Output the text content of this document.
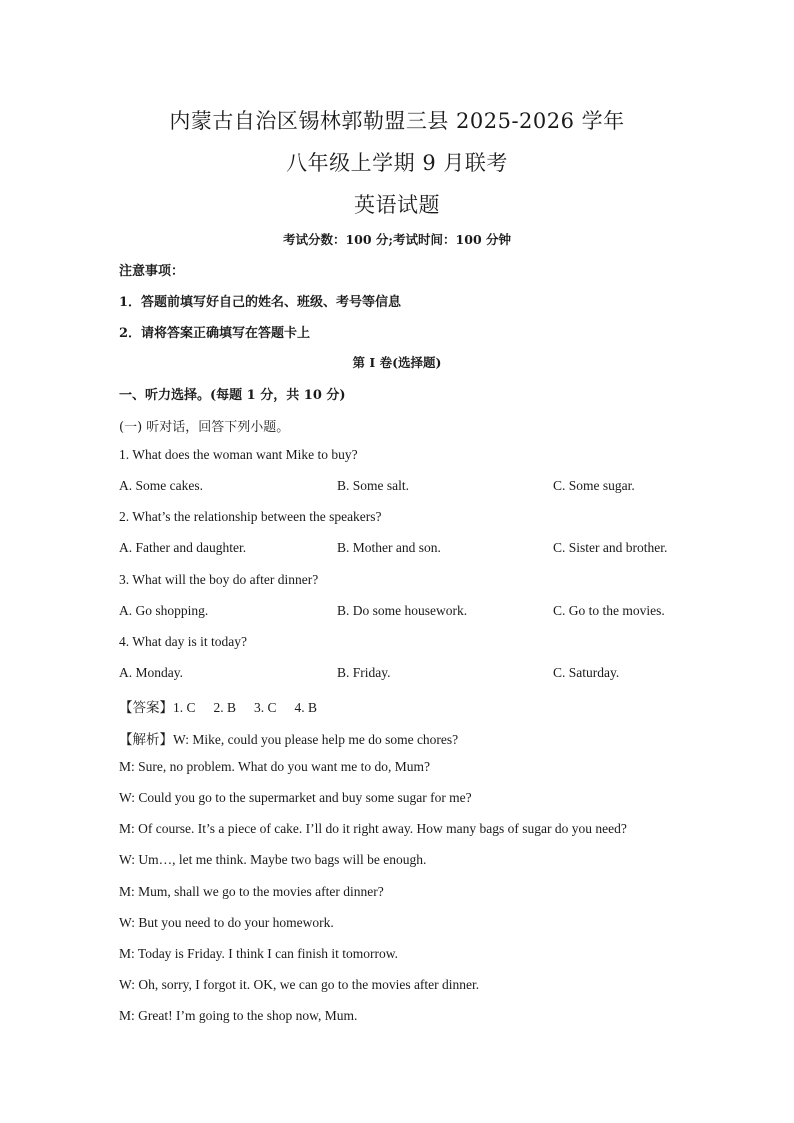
内蒙古自治区锡林郭勒盟三县 2025-2026 学年
八年级上学期 9 月联考
英语试题
考试分数：100 分;考试时间：100 分钟
注意事项：
1．答题前填写好自己的姓名、班级、考号等信息
2．请将答案正确填写在答题卡上
第 I 卷(选择题)
一、听力选择。(每题 1 分，共 10 分)
(一) 听对话，回答下列小题。
1. What does the woman want Mike to buy?
A. Some cakes.	B. Some salt.	C. Some sugar.
2. What’s the relationship between the speakers?
A. Father and daughter.	B. Mother and son.	C. Sister and brother.
3. What will the boy do after dinner?
A. Go shopping.	B. Do some housework.	C. Go to the movies.
4. What day is it today?
A. Monday.	B. Friday.	C. Saturday.
【答案】1. C 2. B 3. C 4. B
【解析】W: Mike, could you please help me do some chores?
M: Sure, no problem. What do you want me to do, Mum?
W: Could you go to the supermarket and buy some sugar for me?
M: Of course. It’s a piece of cake. I’ll do it right away. How many bags of sugar do you need?
W: Um…, let me think. Maybe two bags will be enough.
M: Mum, shall we go to the movies after dinner?
W: But you need to do your homework.
M: Today is Friday. I think I can finish it tomorrow.
W: Oh, sorry, I forgot it. OK, we can go to the movies after dinner.
M: Great! I’m going to the shop now, Mum.
